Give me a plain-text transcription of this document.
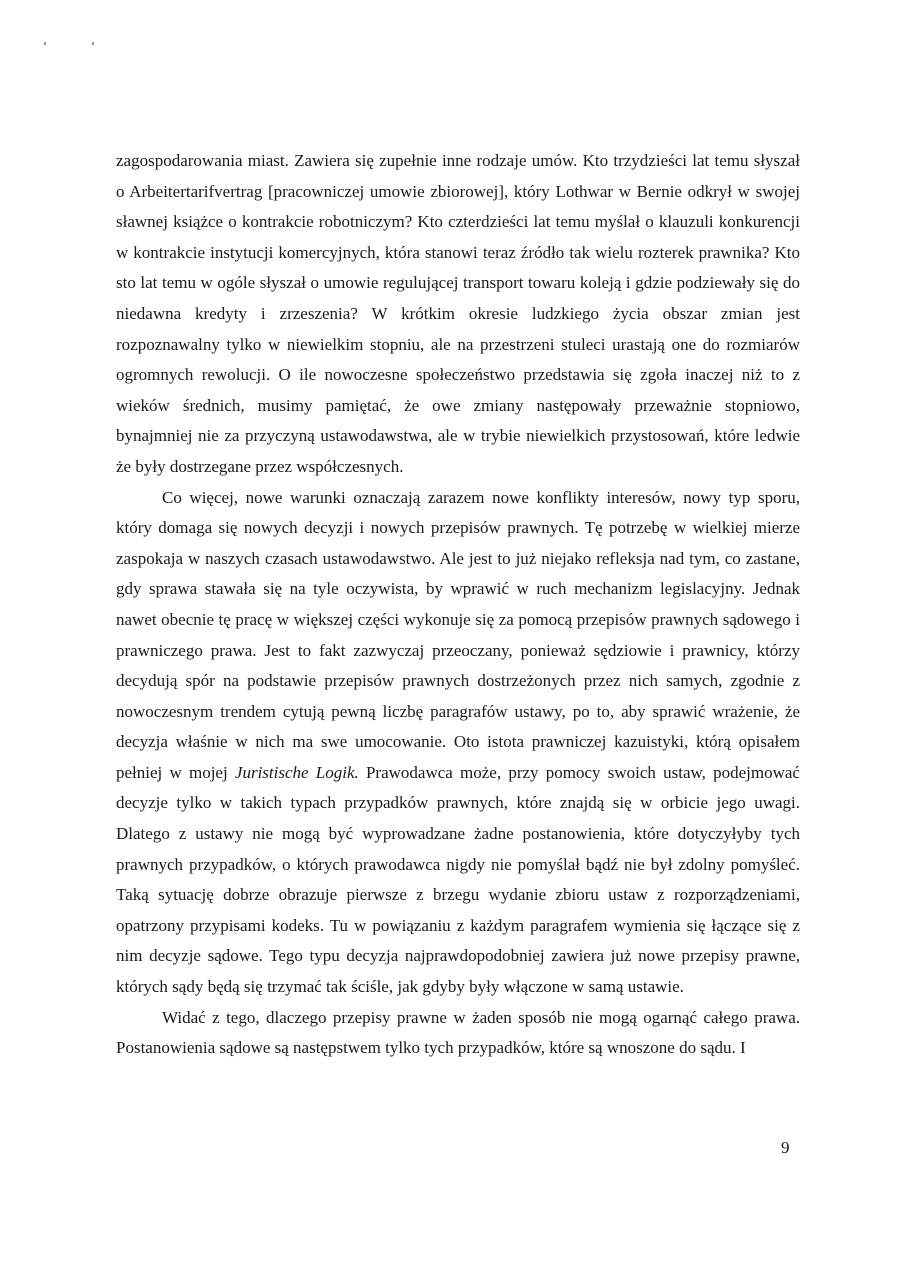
zagospodarowania miast. Zawiera się zupełnie inne rodzaje umów. Kto trzydzieści lat temu słyszał o Arbeitertarifvertrag [pracowniczej umowie zbiorowej], który Lothwar w Bernie odkrył w swojej sławnej książce o kontrakcie robotniczym? Kto czterdzieści lat temu myślał o klauzuli konkurencji w kontrakcie instytucji komercyjnych, która stanowi teraz źródło tak wielu rozterek prawnika? Kto sto lat temu w ogóle słyszał o umowie regulującej transport towaru koleją i gdzie podziewały się do niedawna kredyty i zrzeszenia? W krótkim okresie ludzkiego życia obszar zmian jest rozpoznawalny tylko w niewielkim stopniu, ale na przestrzeni stuleci urastają one do rozmiarów ogromnych rewolucji. O ile nowoczesne społeczeństwo przedstawia się zgoła inaczej niż to z wieków średnich, musimy pamiętać, że owe zmiany następowały przeważnie stopniowo, bynajmniej nie za przyczyną ustawodawstwa, ale w trybie niewielkich przystosowań, które ledwie że były dostrzegane przez współczesnych.

Co więcej, nowe warunki oznaczają zarazem nowe konflikty interesów, nowy typ sporu, który domaga się nowych decyzji i nowych przepisów prawnych. Tę potrzebę w wielkiej mierze zaspokaja w naszych czasach ustawodawstwo. Ale jest to już niejako refleksja nad tym, co zastane, gdy sprawa stawała się na tyle oczywista, by wprawić w ruch mechanizm legislacyjny. Jednak nawet obecnie tę pracę w większej części wykonuje się za pomocą przepisów prawnych sądowego i prawniczego prawa. Jest to fakt zazwyczaj przeoczany, ponieważ sędziowie i prawnicy, którzy decydują spór na podstawie przepisów prawnych dostrzeżonych przez nich samych, zgodnie z nowoczesnym trendem cytują pewną liczbę paragrafów ustawy, po to, aby sprawić wrażenie, że decyzja właśnie w nich ma swe umocowanie. Oto istota prawniczej kazuistyki, którą opisałem pełniej w mojej Juristische Logik. Prawodawca może, przy pomocy swoich ustaw, podejmować decyzje tylko w takich typach przypadków prawnych, które znajdą się w orbicie jego uwagi. Dlatego z ustawy nie mogą być wyprowadzane żadne postanowienia, które dotyczyłyby tych prawnych przypadków, o których prawodawca nigdy nie pomyślał bądź nie był zdolny pomyśleć. Taką sytuację dobrze obrazuje pierwsze z brzegu wydanie zbioru ustaw z rozporządzeniami, opatrzony przypisami kodeks. Tu w powiązaniu z każdym paragrafem wymienia się łączące się z nim decyzje sądowe. Tego typu decyzja najprawdopodobniej zawiera już nowe przepisy prawne, których sądy będą się trzymać tak ściśle, jak gdyby były włączone w samą ustawie.

Widać z tego, dlaczego przepisy prawne w żaden sposób nie mogą ogarnąć całego prawa. Postanowienia sądowe są następstwem tylko tych przypadków, które są wnoszone do sądu. I

9
